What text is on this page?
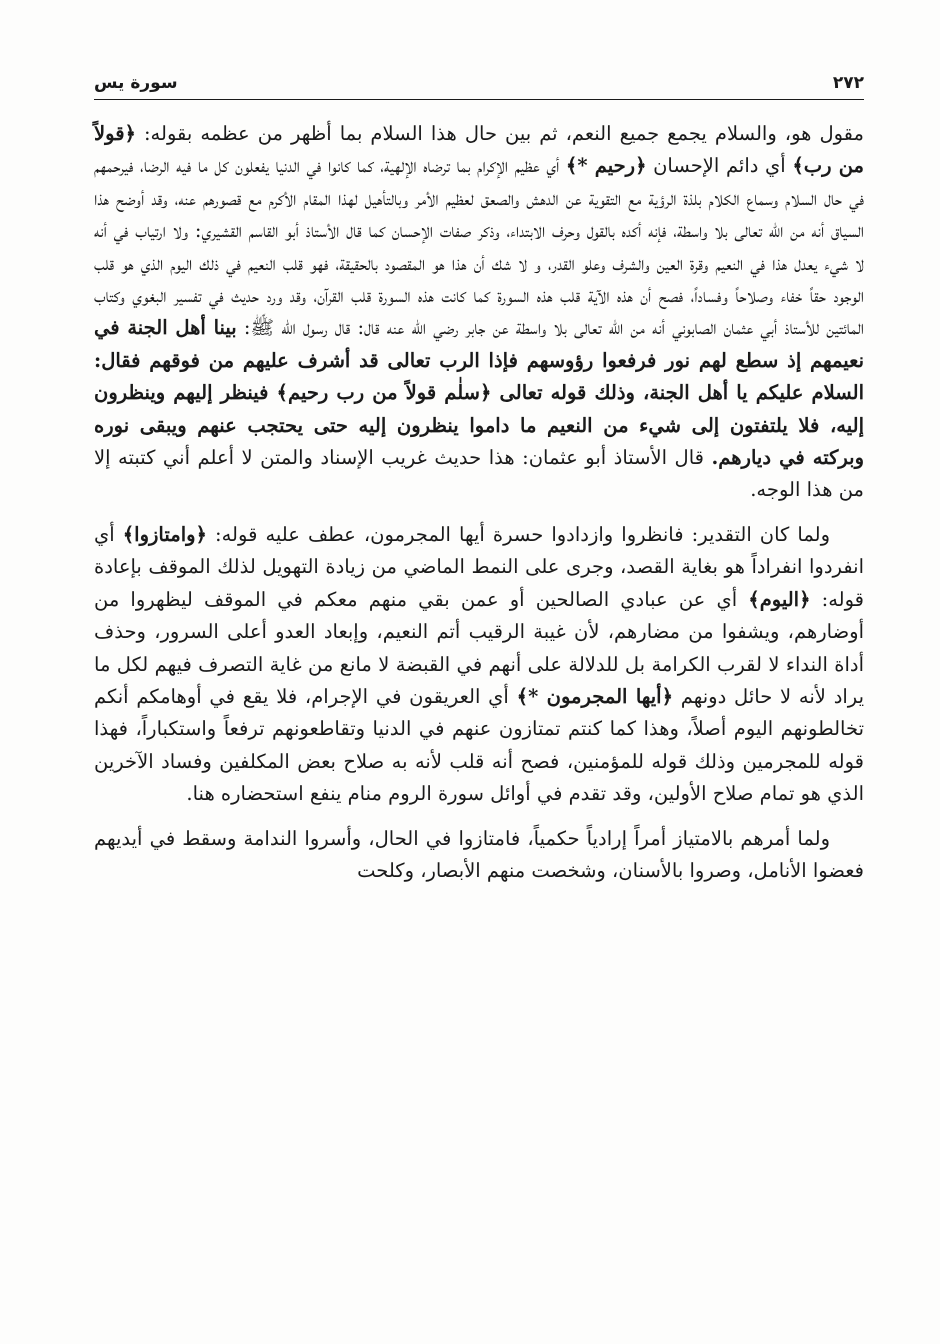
٢٧٢
سورة يس

مقول هو، والسلام يجمع جميع النعم، ثم بين حال هذا السلام بما أظهر من عظمه بقوله: ﴿قولاً من رب﴾ أي دائم الإحسان ﴿رحيم *﴾ أي عظيم الإكرام بما ترضاه الإلهية، كما كانوا في الدنيا يفعلون كل ما فيه الرضا، فيرحمهم في حال السلام وسماع الكلام بلذة الرؤية مع التقوية عن الدهش والصعق لعظيم الأمر وبالتأهيل لهذا المقام الأكرم مع قصورهم عنه، وقد أوضح هذا السياق أنه من الله تعالى بلا واسطة، فإنه أكده بالقول وحرف الابتداء، وذكر صفات الإحسان كما قال الأستاذ أبو القاسم القشيري: ولا ارتياب في أنه لا شيء يعدل هذا في النعيم وقرة العين والشرف وعلو القدر، و لا شك أن هذا هو المقصود بالحقيقة، فهو قلب النعيم في ذلك اليوم الذي هو قلب الوجود حقاً خفاء وصلاحاً وفساداً، فصح أن هذه الآية قلب هذه السورة كما كانت هذه السورة قلب القرآن، وقد ورد حديث في تفسير البغوي وكتاب المائتين للأستاذ أبي عثمان الصابوني أنه من الله تعالى بلا واسطة عن جابر رضي الله عنه قال: قال رسول الله ﷺ: بينا أهل الجنة في نعيمهم إذ سطع لهم نور فرفعوا رؤوسهم فإذا الرب تعالى قد أشرف عليهم من فوقهم فقال: السلام عليكم يا أهل الجنة، وذلك قوله تعالى ﴿سلٰم قولاً من رب رحيم﴾ فينظر إليهم وينظرون إليه، فلا يلتفتون إلى شيء من النعيم ما داموا ينظرون إليه حتى يحتجب عنهم ويبقى نوره وبركته في ديارهم. قال الأستاذ أبو عثمان: هذا حديث غريب الإسناد والمتن لا أعلم أني كتبته إلا من هذا الوجه.

ولما كان التقدير: فانظروا وازدادوا حسرة أيها المجرمون، عطف عليه قوله: ﴿وامتازوا﴾ أي انفردوا انفراداً هو بغاية القصد، وجرى على النمط الماضي من زيادة التهويل لذلك الموقف بإعادة قوله: ﴿اليوم﴾ أي عن عبادي الصالحين أو عمن بقي منهم معكم في الموقف ليظهروا من أوضارهم، ويشفوا من مضارهم، لأن غيبة الرقيب أتم النعيم، وإبعاد العدو أعلى السرور، وحذف أداة النداء لا لقرب الكرامة بل للدلالة على أنهم في القبضة لا مانع من غاية التصرف فيهم لكل ما يراد لأنه لا حائل دونهم ﴿أيها المجرمون *﴾ أي العريقون في الإجرام، فلا يقع في أوهامكم أنكم تخالطونهم اليوم أصلاً، وهذا كما كنتم تمتازون عنهم في الدنيا وتقاطعونهم ترفعاً واستكباراً، فهذا قوله للمجرمين وذلك قوله للمؤمنين، فصح أنه قلب لأنه به صلاح بعض المكلفين وفساد الآخرين الذي هو تمام صلاح الأولين، وقد تقدم في أوائل سورة الروم منام ينفع استحضاره هنا.

ولما أمرهم بالامتياز أمراً إرادياً حكمياً، فامتازوا في الحال، وأسروا الندامة وسقط في أيديهم فعضوا الأنامل، وصروا بالأسنان، وشخصت منهم الأبصار، وكلحت
